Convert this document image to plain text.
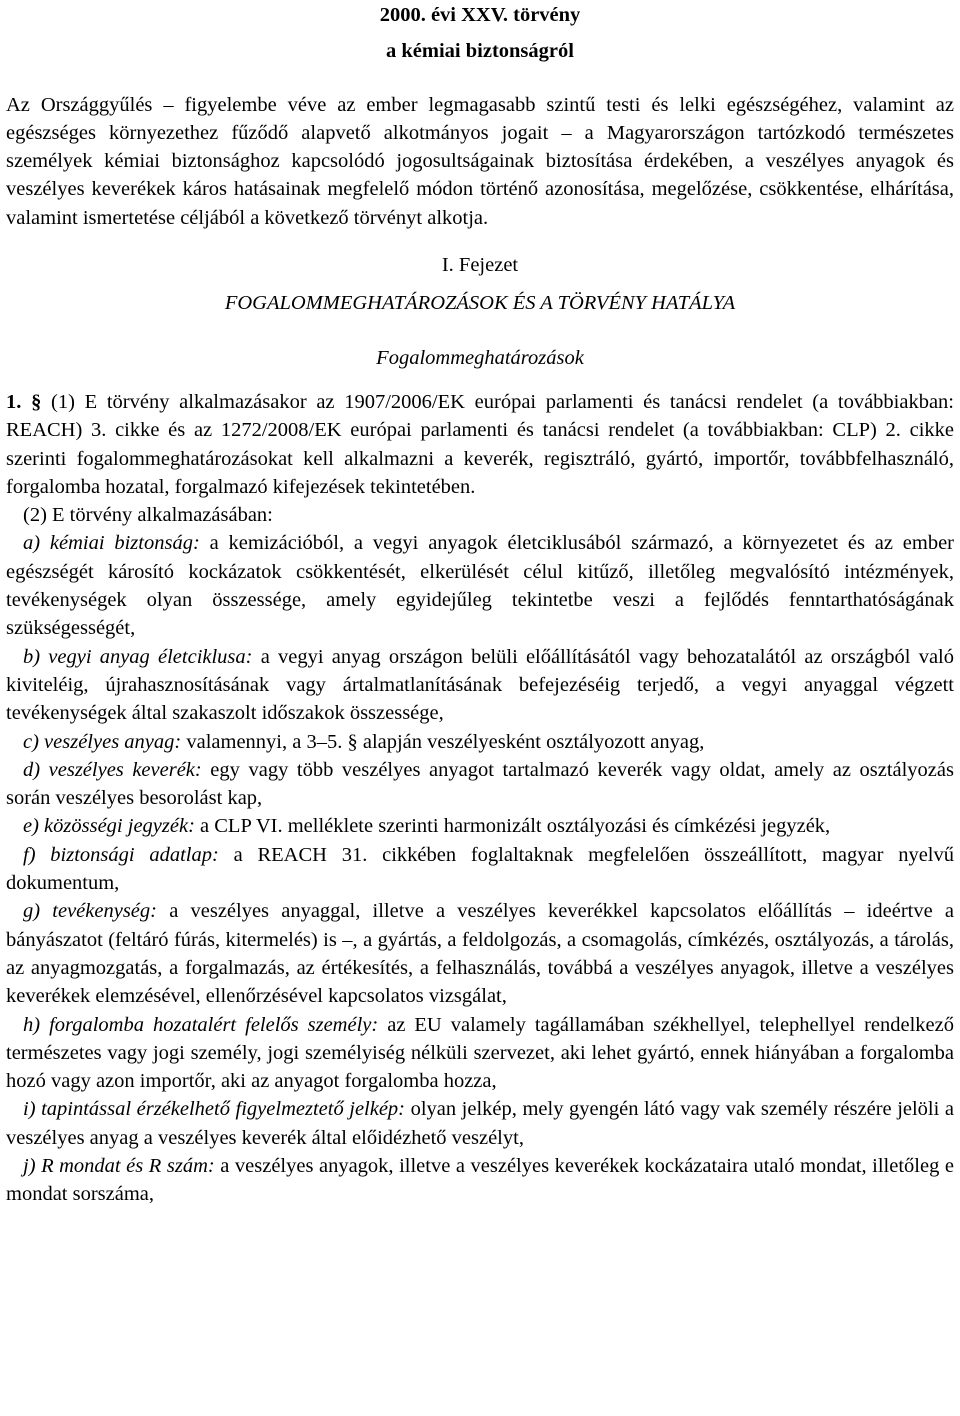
2000. évi XXV. törvény

a kémiai biztonságról

Az Országgyűlés – figyelembe véve az ember legmagasabb szintű testi és lelki egészségéhez, valamint az egészséges környezethez fűződő alapvető alkotmányos jogait – a Magyarországon tartózkodó természetes személyek kémiai biztonsághoz kapcsolódó jogosultságainak biztosítása érdekében, a veszélyes anyagok és veszélyes keverékek káros hatásainak megfelelő módon történő azonosítása, megelőzése, csökkentése, elhárítása, valamint ismertetése céljából a következő törvényt alkotja.

I. Fejezet

FOGALOMMEGHATÁROZÁSOK ÉS A TÖRVÉNY HATÁLYA

Fogalommeghatározások

1. § (1) E törvény alkalmazásakor az 1907/2006/EK európai parlamenti és tanácsi rendelet (a továbbiakban: REACH) 3. cikke és az 1272/2008/EK európai parlamenti és tanácsi rendelet (a továbbiakban: CLP) 2. cikke szerinti fogalommeghatározásokat kell alkalmazni a keverék, regisztráló, gyártó, importőr, továbbfelhasználó, forgalomba hozatal, forgalmazó kifejezések tekintetében.

(2) E törvény alkalmazásában:

a) kémiai biztonság: a kemizációból, a vegyi anyagok életciklusából származó, a környezetet és az ember egészségét károsító kockázatok csökkentését, elkerülését célul kitűző, illetőleg megvalósító intézmények, tevékenységek olyan összessége, amely egyidejűleg tekintetbe veszi a fejlődés fenntarthatóságának szükségességét,

b) vegyi anyag életciklusa: a vegyi anyag országon belüli előállításától vagy behozatalától az országból való kiviteléig, újrahasznosításának vagy ártalmatlanításának befejezéséig terjedő, a vegyi anyaggal végzett tevékenységek által szakaszolt időszakok összessége,

c) veszélyes anyag: valamennyi, a 3–5. § alapján veszélyesként osztályozott anyag,

d) veszélyes keverék: egy vagy több veszélyes anyagot tartalmazó keverék vagy oldat, amely az osztályozás során veszélyes besorolást kap,

e) közösségi jegyzék: a CLP VI. melléklete szerinti harmonizált osztályozási és címkézési jegyzék,

f) biztonsági adatlap: a REACH 31. cikkében foglaltaknak megfelelően összeállított, magyar nyelvű dokumentum,

g) tevékenység: a veszélyes anyaggal, illetve a veszélyes keverékkel kapcsolatos előállítás – ideértve a bányászatot (feltáró fúrás, kitermelés) is –, a gyártás, a feldolgozás, a csomagolás, címkézés, osztályozás, a tárolás, az anyagmozgatás, a forgalmazás, az értékesítés, a felhasználás, továbbá a veszélyes anyagok, illetve a veszélyes keverékek elemzésével, ellenőrzésével kapcsolatos vizsgálat,

h) forgalomba hozatalért felelős személy: az EU valamely tagállamában székhellyel, telephellyel rendelkező természetes vagy jogi személy, jogi személyiség nélküli szervezet, aki lehet gyártó, ennek hiányában a forgalomba hozó vagy azon importőr, aki az anyagot forgalomba hozza,

i) tapintással érzékelhető figyelmeztető jelkép: olyan jelkép, mely gyengén látó vagy vak személy részére jelöli a veszélyes anyag a veszélyes keverék által előidézhető veszélyt,

j) R mondat és R szám: a veszélyes anyagok, illetve a veszélyes keverékek kockázataira utaló mondat, illetőleg e mondat sorszáma,
